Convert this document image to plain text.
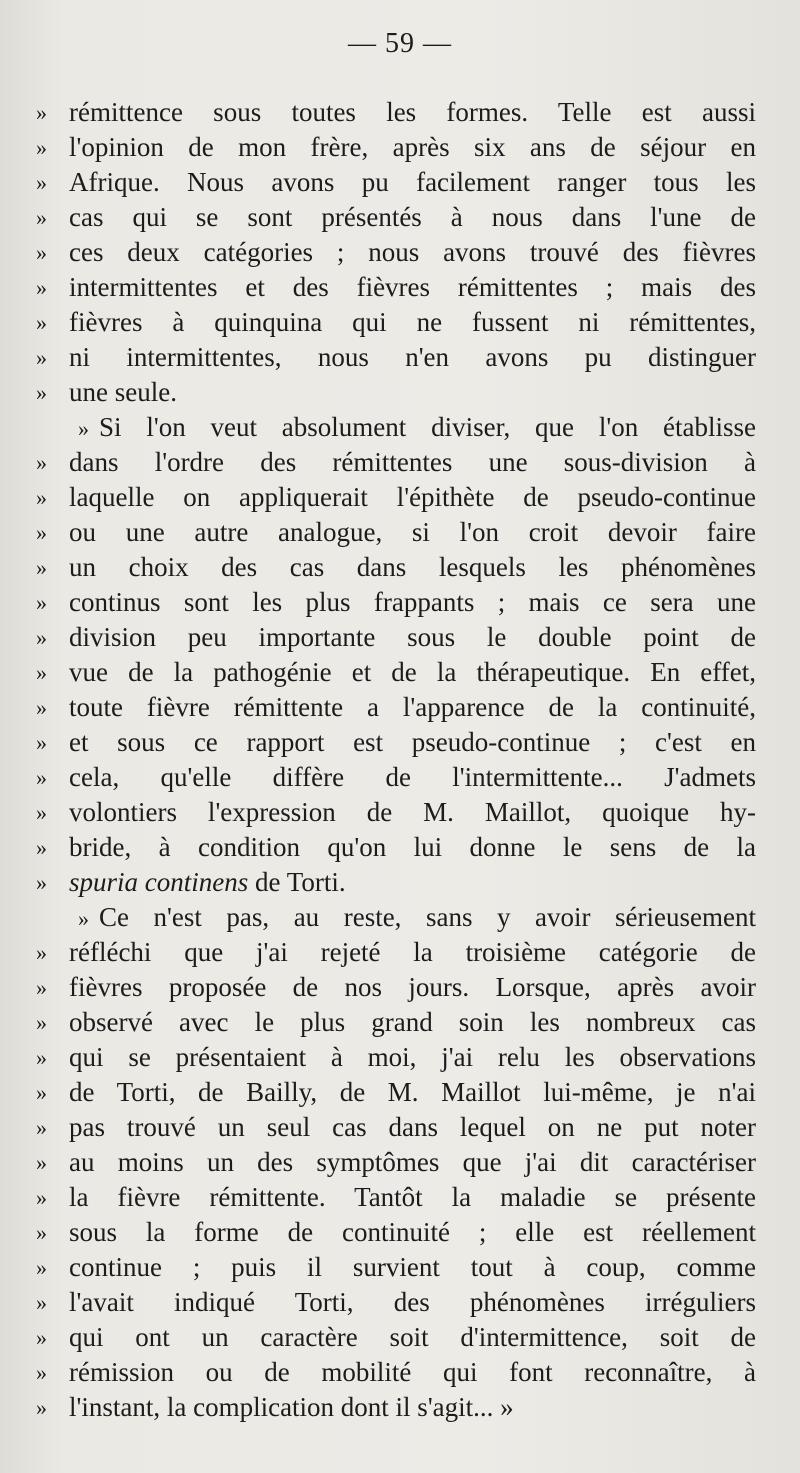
— 59 —
» rémittence sous toutes les formes. Telle est aussi
» l'opinion de mon frère, après six ans de séjour en
» Afrique. Nous avons pu facilement ranger tous les
» cas qui se sont présentés à nous dans l'une de
» ces deux catégories ; nous avons trouvé des fièvres
» intermittentes et des fièvres rémittentes ; mais des
» fièvres à quinquina qui ne fussent ni rémittentes,
» ni intermittentes, nous n'en avons pu distinguer
» une seule.
» Si l'on veut absolument diviser, que l'on établisse
» dans l'ordre des rémittentes une sous-division à
» laquelle on appliquerait l'épithète de pseudo-continue
» ou une autre analogue, si l'on croit devoir faire
» un choix des cas dans lesquels les phénomènes
» continus sont les plus frappants ; mais ce sera une
» division peu importante sous le double point de
» vue de la pathogénie et de la thérapeutique. En effet,
» toute fièvre rémittente a l'apparence de la continuité,
» et sous ce rapport est pseudo-continue ; c'est en
» cela, qu'elle diffère de l'intermittente... J'admets
» volontiers l'expression de M. Maillot, quoique hy-
» bride, à condition qu'on lui donne le sens de la
» spuria continens de Torti.
» Ce n'est pas, au reste, sans y avoir sérieusement
» réfléchi que j'ai rejeté la troisième catégorie de
» fièvres proposée de nos jours. Lorsque, après avoir
» observé avec le plus grand soin les nombreux cas
» qui se présentaient à moi, j'ai relu les observations
» de Torti, de Bailly, de M. Maillot lui-même, je n'ai
» pas trouvé un seul cas dans lequel on ne put noter
» au moins un des symptômes que j'ai dit caractériser
» la fièvre rémittente. Tantôt la maladie se présente
» sous la forme de continuité ; elle est réellement
» continue ; puis il survient tout à coup, comme
» l'avait indiqué Torti, des phénomènes irréguliers
» qui ont un caractère soit d'intermittence, soit de
» rémission ou de mobilité qui font reconnaître, à
» l'instant, la complication dont il s'agit... »
